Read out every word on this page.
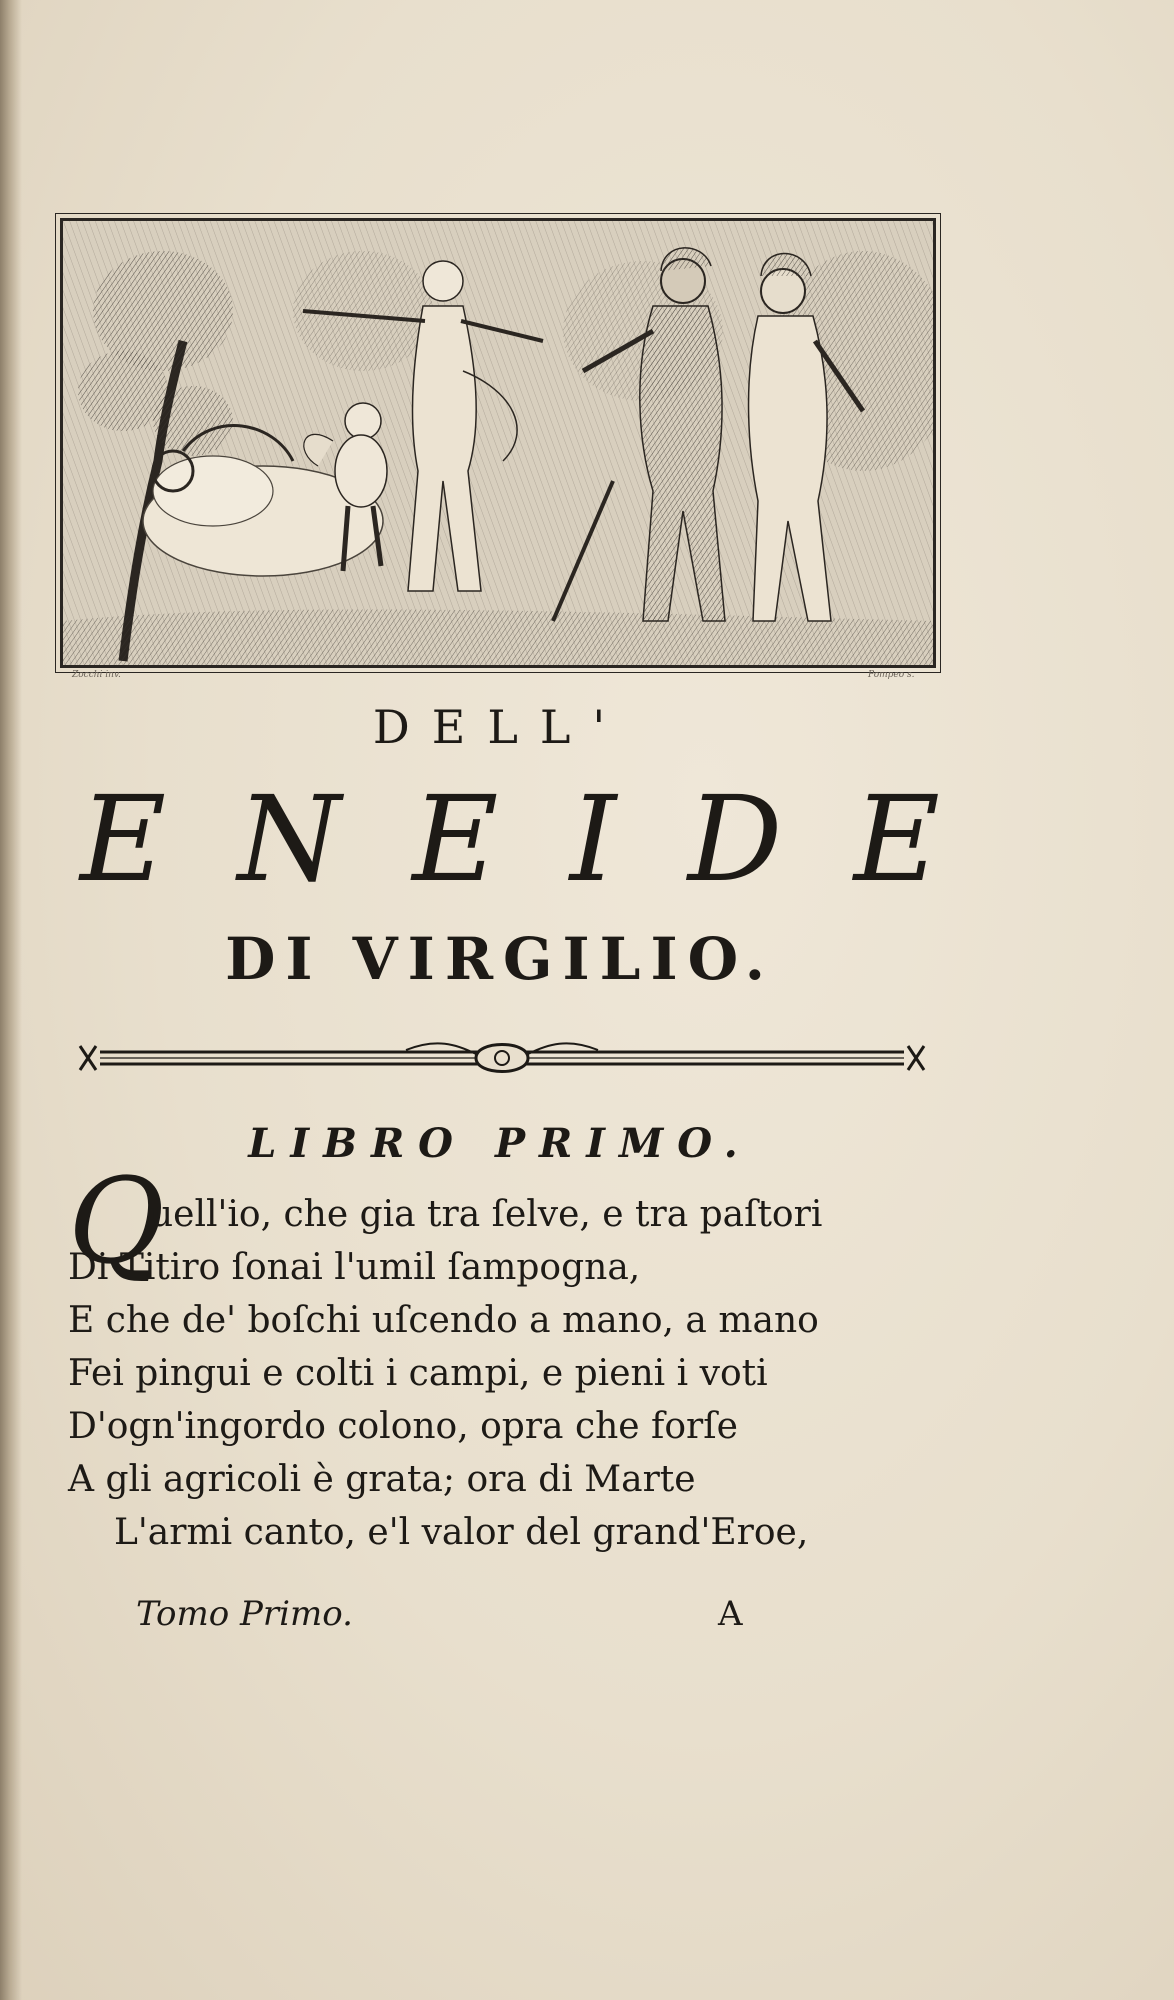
Zocchi inv.	Pompeo s.
DELL'
E N E I D E
DI VIRGILIO.
LIBRO PRIMO.
Q
uell'io, che gia tra ſelve, e tra paſtori
Di Titiro ſonai l'umil ſampogna,
E che de' boſchi uſcendo a mano, a mano
Fei pingui e colti i campi, e pieni i voti
D'ogn'ingordo colono, opra che forſe
A gli agricoli è grata; ora di Marte
L'armi canto, e'l valor del grand'Eroe,
Tomo Primo.	A
